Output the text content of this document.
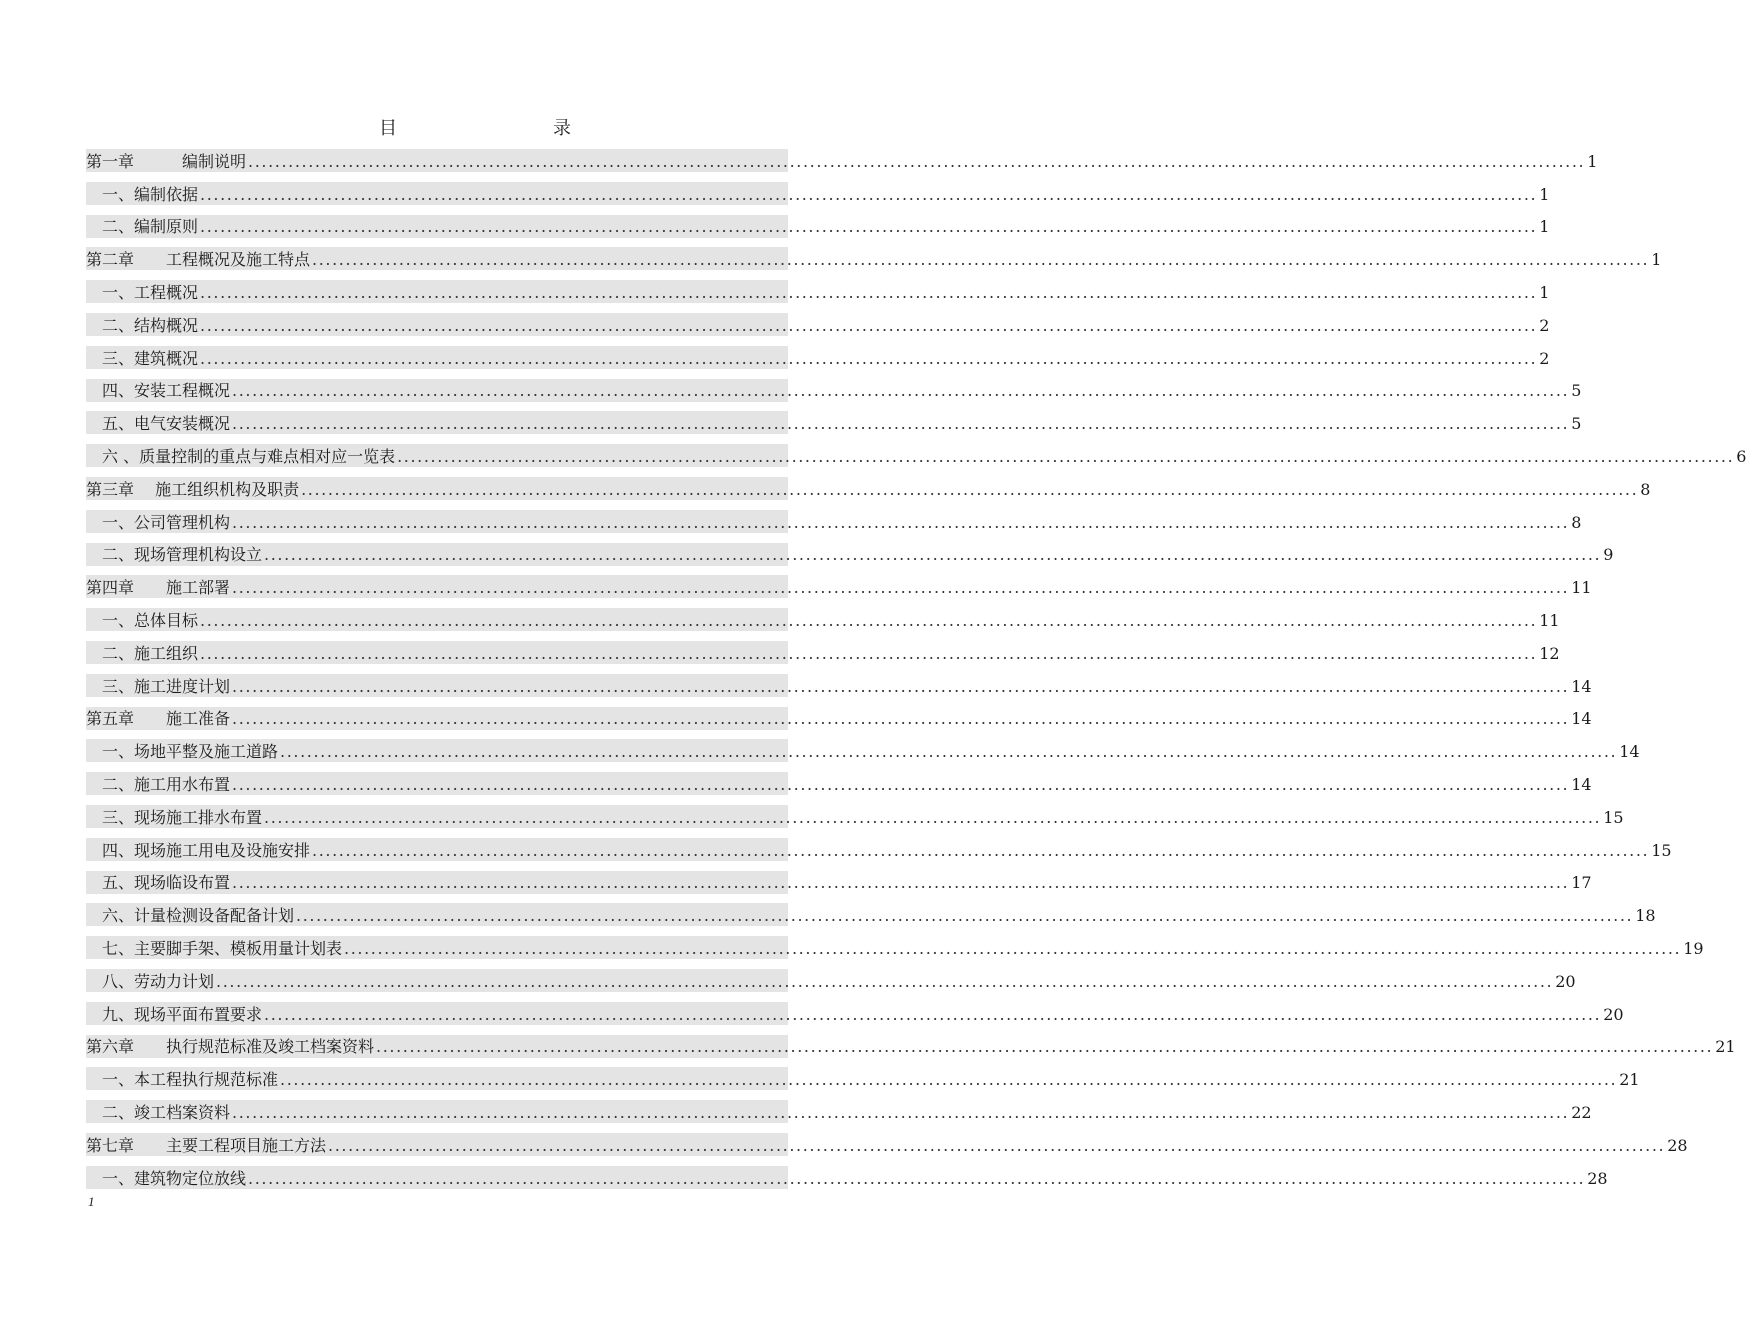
目　　录
第一章　　　编制说明 ........................................................................................................................................................................................................ 1
一、编制依据 ........................................................................................................................................................................................................ 1
二、编制原则 ........................................................................................................................................................................................................ 1
第二章　　工程概况及施工特点 ........................................................................................................................................................................................................ 1
一、工程概况 ........................................................................................................................................................................................................ 1
二、结构概况 ........................................................................................................................................................................................................ 2
三、建筑概况 ........................................................................................................................................................................................................ 2
四、安装工程概况 ........................................................................................................................................................................................................ 5
五、电气安装概况 ........................................................................................................................................................................................................ 5
六 、质量控制的重点与难点相对应一览表 ........................................................................................................................................................................................................ 6
第三章　 施工组织机构及职责 ........................................................................................................................................................................................................ 8
一、公司管理机构 ........................................................................................................................................................................................................ 8
二、现场管理机构设立 ........................................................................................................................................................................................................ 9
第四章　　施工部署 ........................................................................................................................................................................................................ 11
一、总体目标 ........................................................................................................................................................................................................ 11
二、施工组织 ........................................................................................................................................................................................................ 12
三、施工进度计划 ........................................................................................................................................................................................................ 14
第五章　　施工准备 ........................................................................................................................................................................................................ 14
一、场地平整及施工道路 ........................................................................................................................................................................................................ 14
二、施工用水布置 ........................................................................................................................................................................................................ 14
三、现场施工排水布置 ........................................................................................................................................................................................................ 15
四、现场施工用电及设施安排 ........................................................................................................................................................................................................ 15
五、现场临设布置 ........................................................................................................................................................................................................ 17
六、计量检测设备配备计划 ........................................................................................................................................................................................................ 18
七、主要脚手架、模板用量计划表 ........................................................................................................................................................................................................ 19
八、劳动力计划 ........................................................................................................................................................................................................ 20
九、现场平面布置要求 ........................................................................................................................................................................................................ 20
第六章　　执行规范标准及竣工档案资料 ........................................................................................................................................................................................................ 21
一、本工程执行规范标准 ........................................................................................................................................................................................................ 21
二、竣工档案资料 ........................................................................................................................................................................................................ 22
第七章　　主要工程项目施工方法 ........................................................................................................................................................................................................ 28
一、建筑物定位放线 ........................................................................................................................................................................................................ 28
1
